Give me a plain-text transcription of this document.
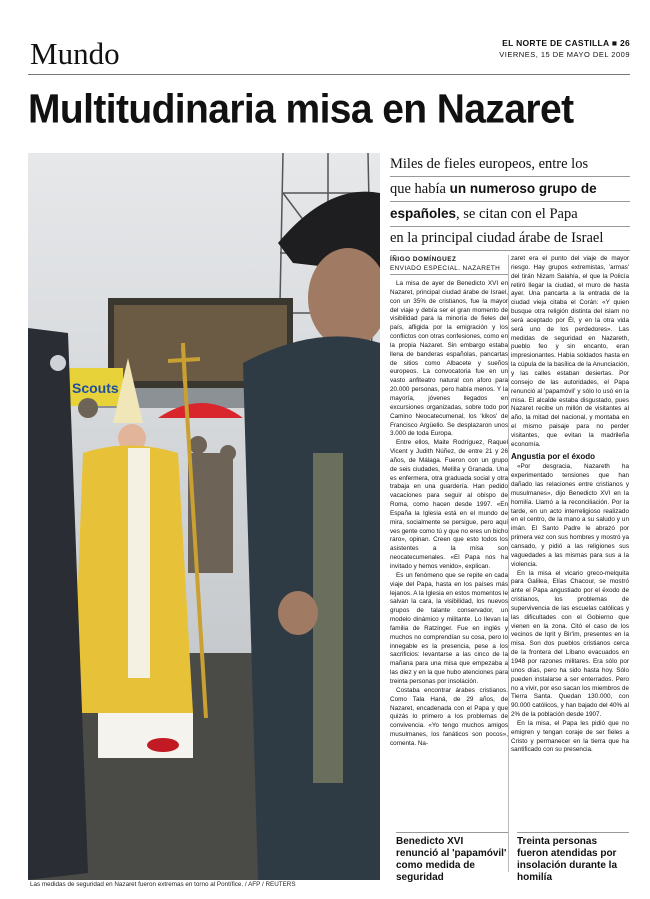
Mundo	EL NORTE DE CASTILLA ■ 26
VIERNES, 15 DE MAYO DEL 2009
Multitudinaria misa en Nazaret
Scouts
Las medidas de seguridad en Nazaret fueron extremas en torno al Pontífice. / AFP / REUTERS
Miles de fieles europeos, entre los
que había un numeroso grupo de
españoles, se citan con el Papa
en la principal ciudad árabe de Israel
ÍÑIGO DOMÍNGUEZ
ENVIADO ESPECIAL. NAZARETH

La misa de ayer de Benedicto XVI en Nazaret, principal ciudad árabe de Israel, con un 35% de cristianos, fue la mayor del viaje y debía ser el gran momento de visibilidad para la minoría de fieles del país, afligida por la emigración y los conflictos con otras confesiones, como en la propia Nazaret. Sin embargo estaba llena de banderas españolas, pancartas de sitios como Albacete y sueños europeos. La convocatoria fue en un vasto anfiteatro natural con aforo para 20.000 personas, pero había menos. Y la mayoría, jóvenes llegados en excursiones organizadas, sobre todo por Camino Neocatecumenal, los 'kikos' de Francisco Argüello. Se desplazaron unos 3.000 de toda Europa.

Entre ellos, Maite Rodríguez, Raquel Vicent y Judith Núñez, de entre 21 y 26 años, de Málaga. Fueron con un grupo de seis ciudades, Melilla y Granada. Una es enfermera, otra graduada social y otra trabaja en una guardería. Han pedido vacaciones para seguir al obispo de Roma, como hacen desde 1997. «En España la Iglesia está en el mundo de mira, socialmente se persigue, pero aquí ves gente como tú y que no eres un bicho raro», opinan. Creen que esto todos los asistentes a la misa son neocatecumenales. «El Papa nos ha invitado y hemos venido», explican.

Es un fenómeno que se repite en cada viaje del Papa, hasta en los países más lejanos. A la Iglesia en estos momentos le salvan la cara, la visibilidad, los nuevos grupos de talante conservador, un modelo dinámico y militante. Lo llevan la familia de Ratzinger. Fue en inglés y muchos no comprendían su cosa, pero lo innegable es la presencia, pese a los sacrificios: levantarse a las cinco de la mañana para una misa que empezaba a las diez y en la que hubo atenciones para treinta personas por insolación.

Costaba encontrar árabes cristianos. Como Tala Haná, de 29 años, de Nazaret, encadenada con el Papa y que quizás lo primero a los problemas de convivencia. «Yo tengo muchos amigos musulmanes, los fanáticos son pocos», comenta. Na-

zaret era el punto del viaje de mayor riesgo. Hay grupos extremistas, 'armas' del tirán Nizam Salahía, el que la Policía retiró llegar la ciudad, el muro de hasta ayer. Una pancarta a la entrada de la ciudad vieja citaba el Corán: «Y quien busque otra religión distinta del islam no será aceptado por Él, y en la otra vida será uno de los perdedores». Las medidas de seguridad en Nazareth, pueblo feo y sin encanto, eran impresionantes. Había soldados hasta en la cúpula de la basílica de la Anunciación, y las calles estaban desiertas. Por consejo de las autoridades, el Papa renunció al 'papamóvil' y sólo lo usó en la misa. El alcalde estaba disgustado, pues Nazaret recibe un millón de visitantes al año, la mitad del nacional, y montaba en el mismo paisaje para no perder visitantes, que evitan la madrileña economía.

Angustia por el éxodo

«Por desgracia, Nazareth ha experimentado tensiones que han dañado las relaciones entre cristianos y musulmanes», dijo Benedicto XVI en la homilía. Llamó a la reconciliación. Por la tarde, en un acto interreligioso realizado en el centro, de la mano a su saludo y un imán. El Santo Padre le abrazó por primera vez con sus hombres y mostró ya cansado, y pidió a las religiones sus vaguedades a las mismas para sus a la violencia.

En la misa el vicario greco-melquita para Galilea, Elías Chacour, se mostró ante el Papa angustiado por el éxodo de cristianos, los problemas de supervivencia de las escuelas católicas y las dificultades con el Gobierno que vienen en la zona. Citó el caso de los vecinos de Iqrit y Bir'im, presentes en la misa. Son dos pueblos cristianos cerca de la frontera del Líbano evacuados en 1948 por razones militares. Era sólo por unos días, pero ha sido hasta hoy. Sólo pueden instalarse a ser enterrados. Pero no a vivir, por eso sacan los miembros de Tierra Santa. Quedan 130.000, con 90.000 católicos, y han bajado del 40% al 2% de la población desde 1907.

En la misa, el Papa les pidió que no emigren y tengan coraje de ser fieles a Cristo y permanecer en la tierra que ha santificado con su presencia.

Benedicto XVI renunció al 'papamóvil' como medida de seguridad
Treinta personas fueron atendidas por insolación durante la homilía
